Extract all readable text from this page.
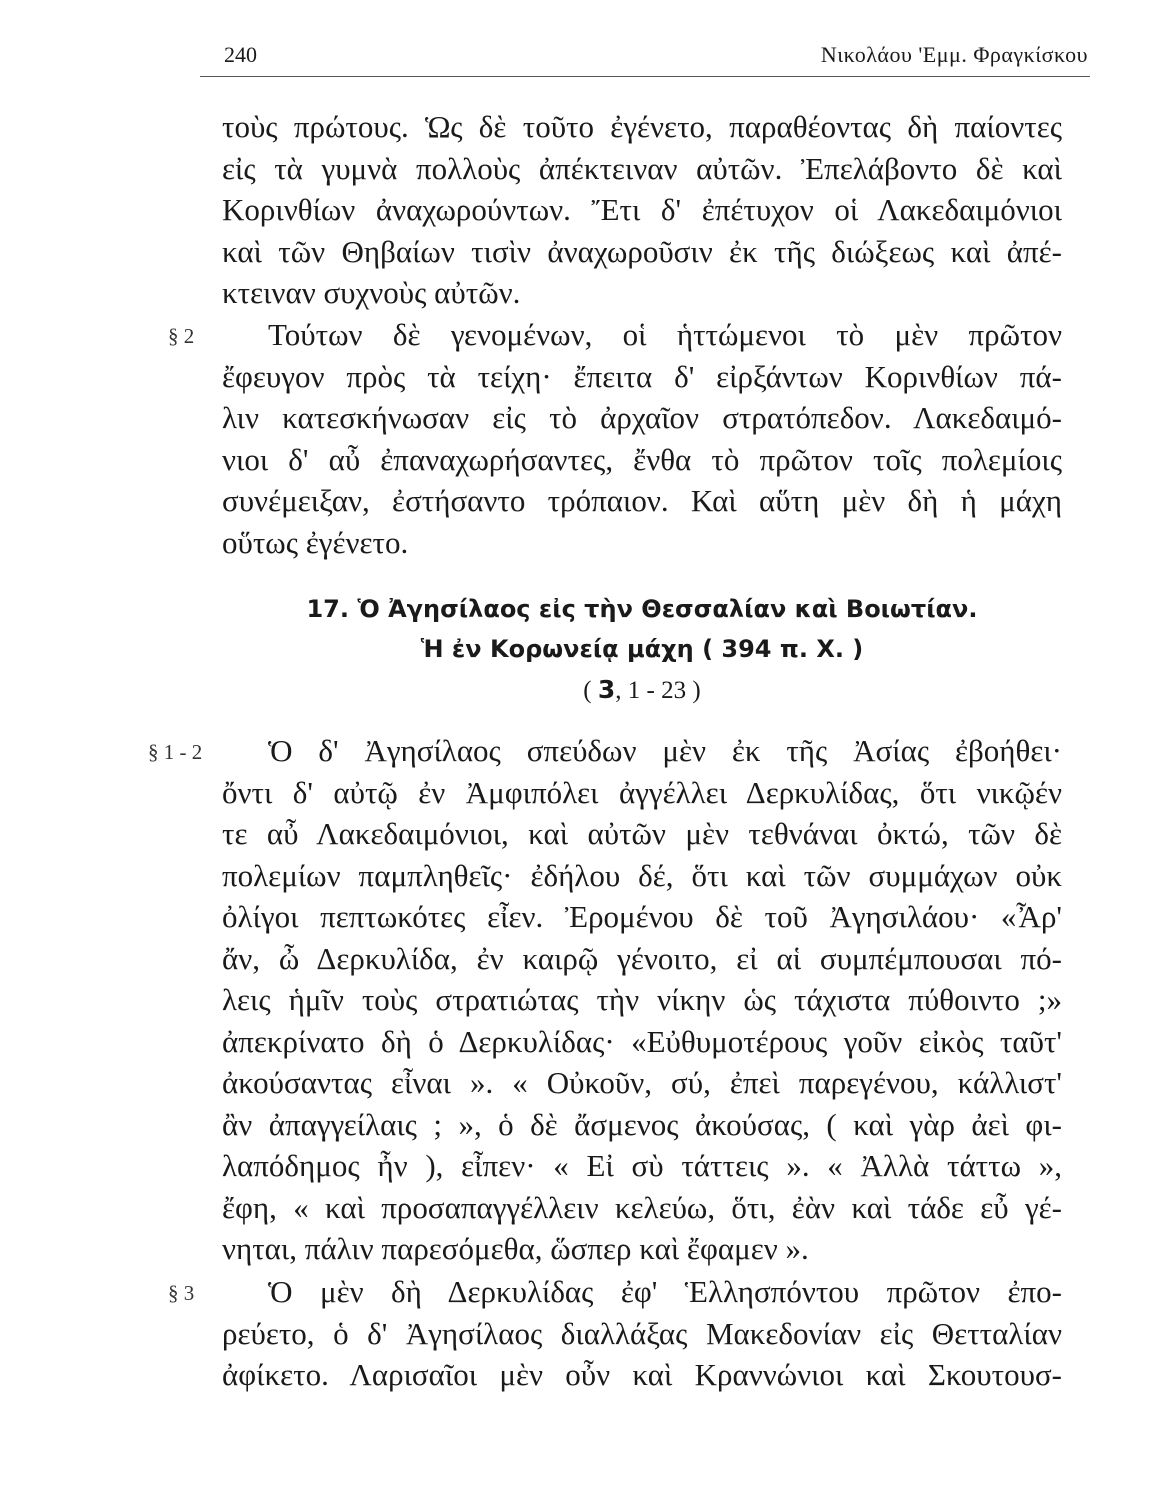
240	Νικολάου 'Εμμ. Φραγκίσκου
τοὺς πρώτους. Ὡς δὲ τοῦτο ἐγένετο, παραθέοντας δὴ παίοντες
εἰς τὰ γυμνὰ πολλοὺς ἀπέκτειναν αὐτῶν. Ἐπελάβοντο δὲ καὶ
Κορινθίων ἀναχωρούντων. Ἔτι δ' ἐπέτυχον οἱ Λακεδαιμόνιοι
καὶ τῶν Θηβαίων τισὶν ἀναχωροῦσιν ἐκ τῆς διώξεως καὶ ἀπέ-
κτειναν συχνοὺς αὐτῶν.
§ 2	Τούτων δὲ γενομένων, οἱ ἡττώμενοι τὸ μὲν πρῶτον
ἔφευγον πρὸς τὰ τείχη· ἔπειτα δ' εἰρξάντων Κορινθίων πά-
λιν κατεσκήνωσαν εἰς τὸ ἀρχαῖον στρατόπεδον. Λακεδαιμό-
νιοι δ' αὖ ἐπαναχωρήσαντες, ἔνθα τὸ πρῶτον τοῖς πολεμίοις
συνέμειξαν, ἐστήσαντο τρόπαιον. Καὶ αὕτη μὲν δὴ ἡ μάχη
οὕτως ἐγένετο.
17. Ὁ Ἀγησίλαος εἰς τὴν Θεσσαλίαν καὶ Βοιωτίαν.
Ἡ ἐν Κορωνείᾳ μάχη ( 394 π. Χ. )
( 3, 1 - 23 )
§ 1 - 2	Ὁ δ' Ἀγησίλαος σπεύδων μὲν ἐκ τῆς Ἀσίας ἐβοήθει·
ὄντι δ' αὐτῷ ἐν Ἀμφιπόλει ἀγγέλλει Δερκυλίδας, ὅτι νικῷέν
τε αὖ Λακεδαιμόνιοι, καὶ αὐτῶν μὲν τεθνάναι ὀκτώ, τῶν δὲ
πολεμίων παμπληθεῖς· ἐδήλου δέ, ὅτι καὶ τῶν συμμάχων οὐκ
ὀλίγοι πεπτωκότες εἶεν. Ἐρομένου δὲ τοῦ Ἀγησιλάου· «Ἆρ'
ἄν, ὦ Δερκυλίδα, ἐν καιρῷ γένοιτο, εἰ αἱ συμπέμπουσαι πό-
λεις ἡμῖν τοὺς στρατιώτας τὴν νίκην ὡς τάχιστα πύθοιντο ;»
ἀπεκρίνατο δὴ ὁ Δερκυλίδας· «Εὐθυμοτέρους γοῦν εἰκὸς ταῦτ'
ἀκούσαντας εἶναι ». « Οὐκοῦν, σύ, ἐπεὶ παρεγένου, κάλλιστ'
ἂν ἀπαγγείλαις ; », ὁ δὲ ἄσμενος ἀκούσας, ( καὶ γὰρ ἀεὶ φι-
λαπόδημος ἦν ), εἶπεν· « Εἰ σὺ τάττεις ». « Ἀλλὰ τάττω »,
ἔφη, « καὶ προσαπαγγέλλειν κελεύω, ὅτι, ἐὰν καὶ τάδε εὖ γέ-
νηται, πάλιν παρεσόμεθα, ὥσπερ καὶ ἔφαμεν ».
§ 3	Ὁ μὲν δὴ Δερκυλίδας ἐφ' Ἑλλησπόντου πρῶτον ἐπο-
ρεύετο, ὁ δ' Ἀγησίλαος διαλλάξας Μακεδονίαν εἰς Θετταλίαν
ἀφίκετο. Λαρισαῖοι μὲν οὖν καὶ Κραννώνιοι καὶ Σκουτουσ-
